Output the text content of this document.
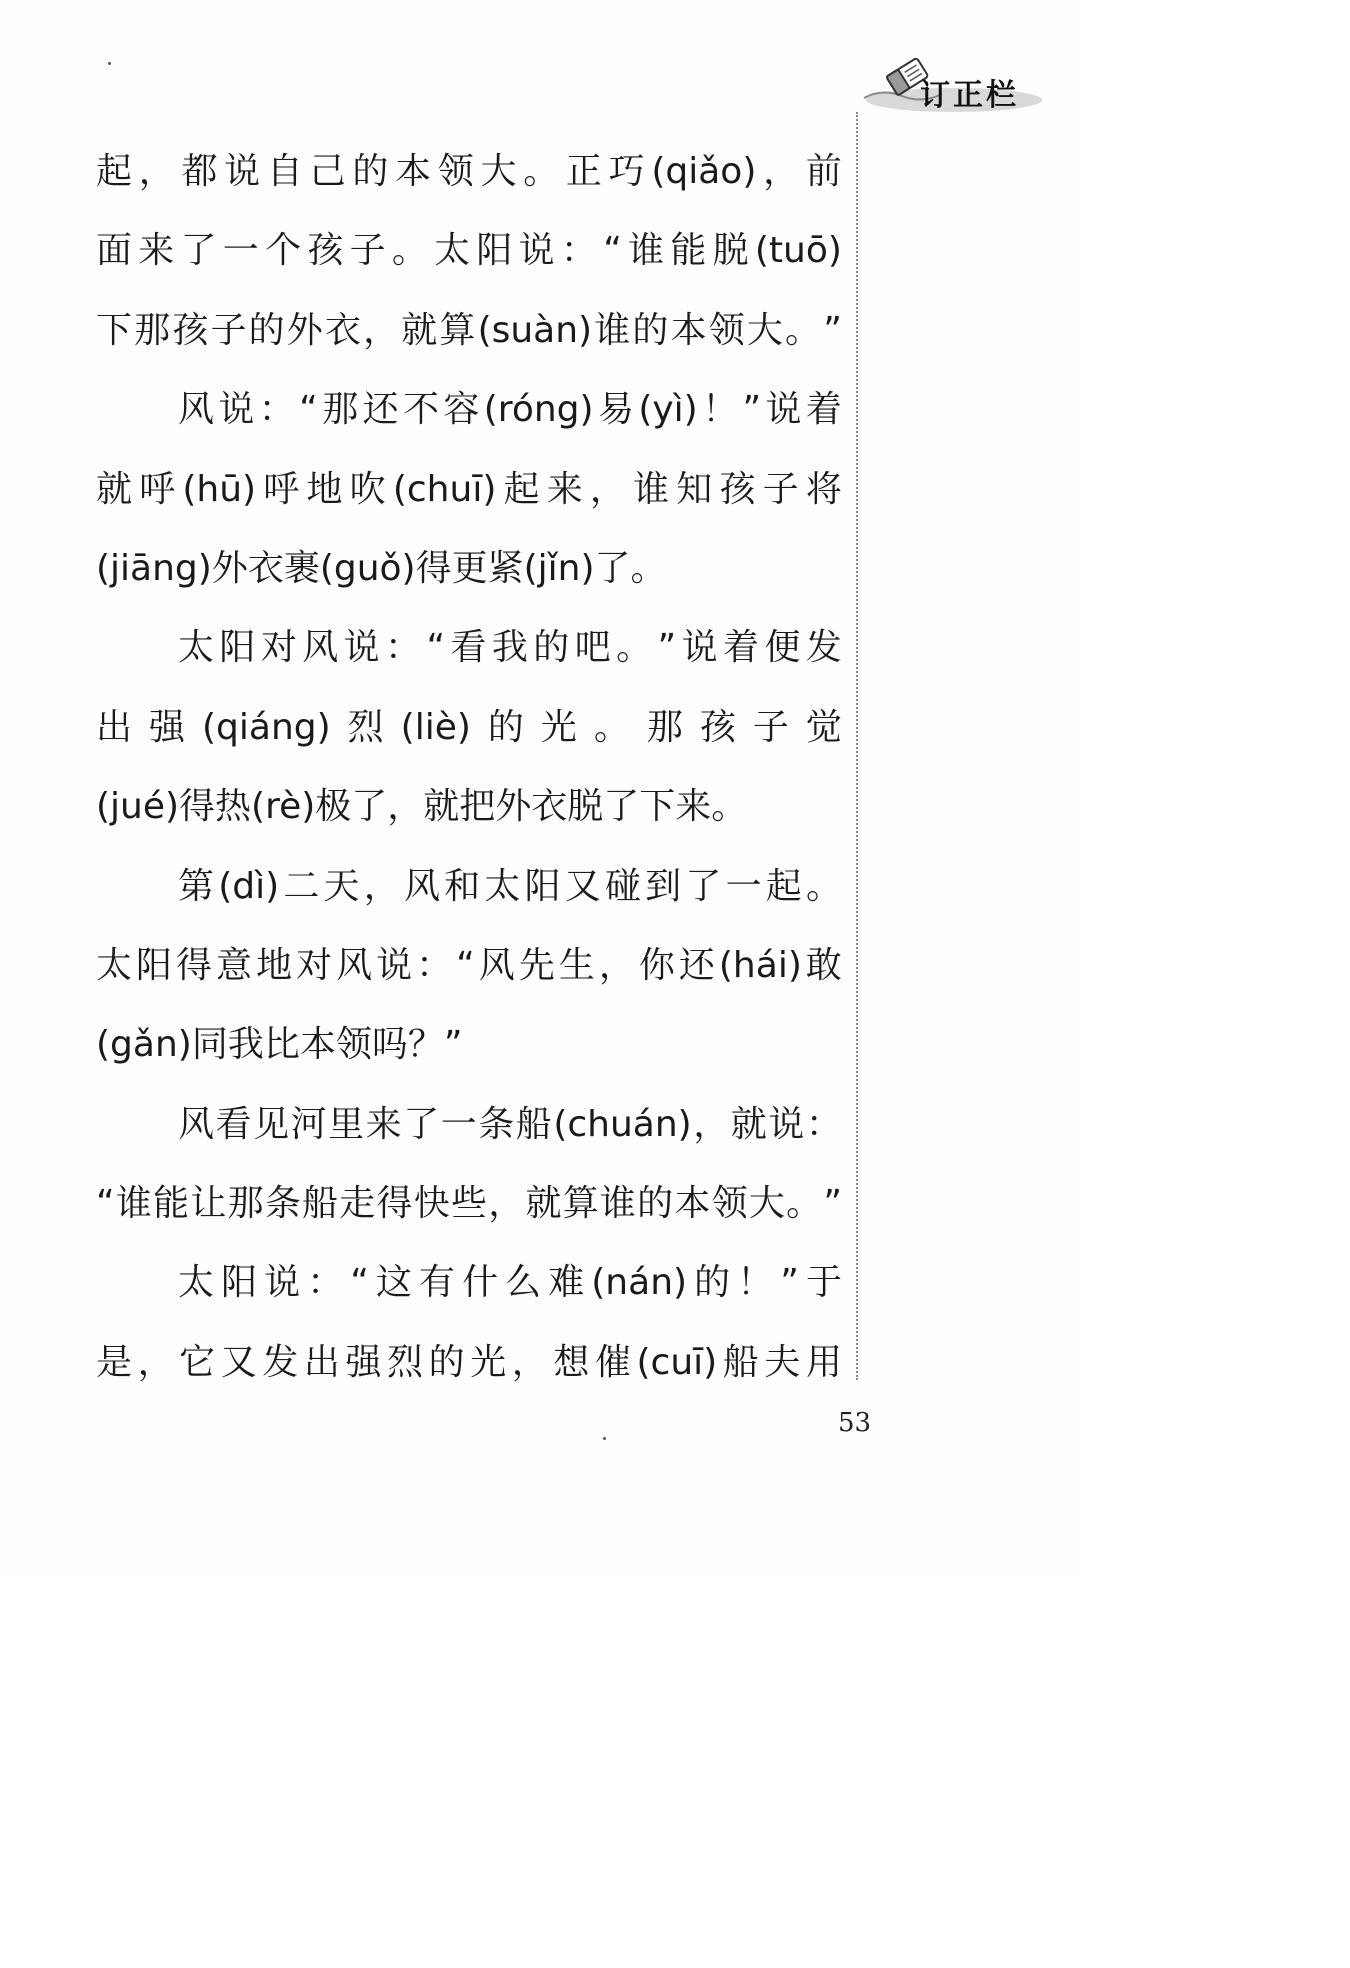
订正栏
起 ， 都 说 自 己 的 本 领 大 。 正 巧 (qiǎo) ， 前
面 来 了 一 个 孩 子 。 太 阳 说 ： “ 谁 能 脱 (tuō)
下 那 孩 子 的 外 衣 ， 就 算 (suàn) 谁 的 本 领 大 。 ”
风 说 ： “ 那 还 不 容 (róng) 易 (yì) ！ ” 说 着
就 呼 (hū) 呼 地 吹 (chuī) 起 来 ， 谁 知 孩 子 将
(jiāng)外衣裹(guǒ)得更紧(jǐn)了。
太 阳 对 风 说 ： “ 看 我 的 吧 。 ” 说 着 便 发
出 强 (qiáng) 烈 (liè) 的 光 。 那 孩 子 觉
(jué)得热(rè)极了，就把外衣脱了下来。
第 (dì) 二 天 ， 风 和 太 阳 又 碰 到 了 一 起 。
太 阳 得 意 地 对 风 说 ： “ 风 先 生 ， 你 还 (hái) 敢
(gǎn)同我比本领吗？”
风 看 见 河 里 来 了 一 条 船 (chuán) ， 就 说 ：
“ 谁 能 让 那 条 船 走 得 快 些 ， 就 算 谁 的 本 领 大 。 ”
太 阳 说 ： “ 这 有 什 么 难 (nán) 的 ！ ” 于
是 ， 它 又 发 出 强 烈 的 光 ， 想 催 (cuī) 船 夫 用
53
